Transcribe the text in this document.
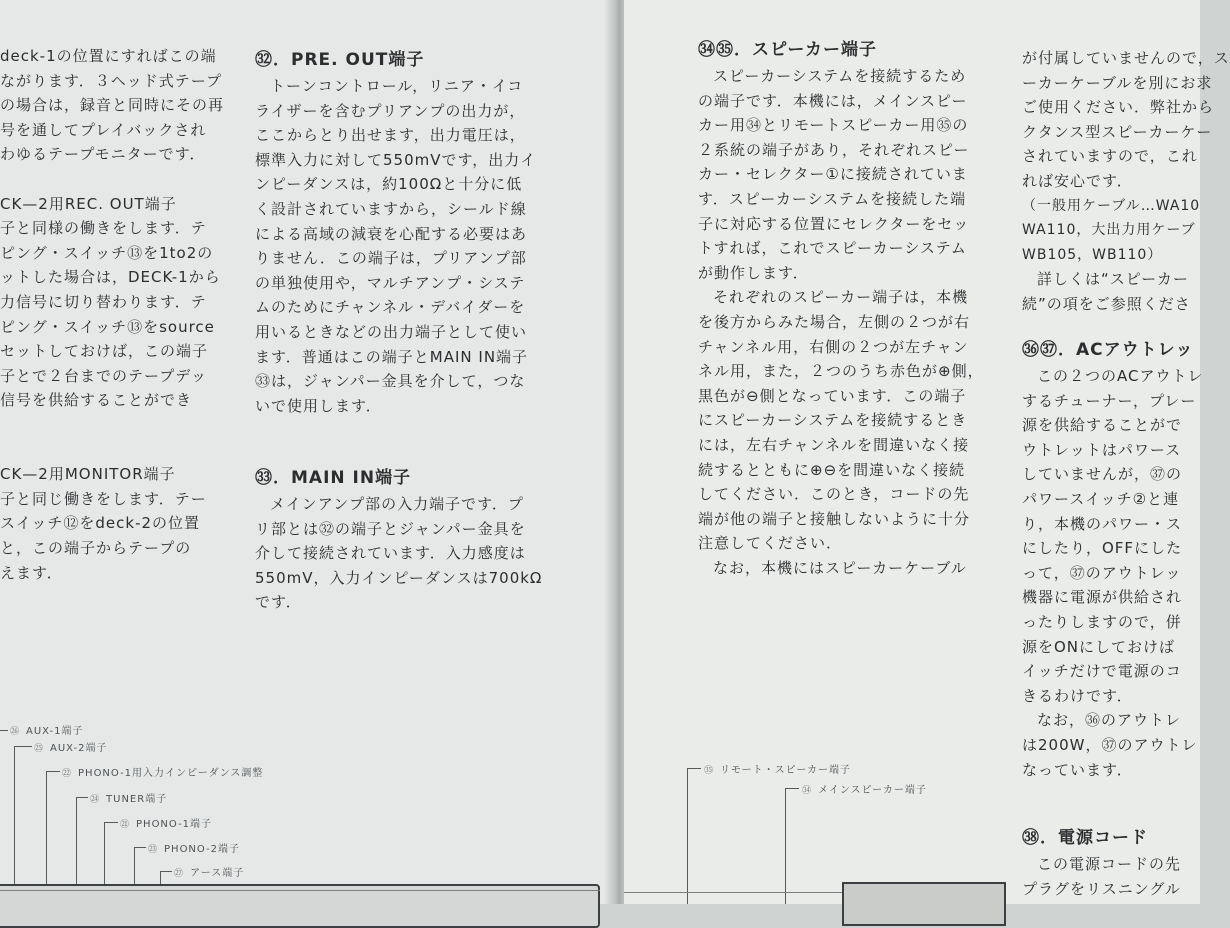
deck-1の位置にすればこの端
ながります．３ヘッド式テープ
の場合は，録音と同時にその再
号を通してプレイバックされ
わゆるテープモニターです．
CK—2用REC. OUT端子
子と同様の働きをします．テ
ピング・スイッチ⑬を1to2の
ットした場合は，DECK-1から
力信号に切り替わります．テ
ピング・スイッチ⑬をsource
セットしておけば，この端子
子とで２台までのテープデッ
信号を供給することができ
CK—2用MONITOR端子
子と同じ働きをします．テー
スイッチ⑫をdeck-2の位置
と，この端子からテープの
えます．
㉜．PRE. OUT端子
トーンコントロール，リニア・イコ
ライザーを含むプリアンプの出力が，
ここからとり出せます，出力電圧は，
標準入力に対して550mVです，出力イ
ンピーダンスは，約100Ωと十分に低
く設計されていますから，シールド線
による高域の減衰を心配する必要はあ
りません．この端子は，プリアンプ部
の単独使用や，マルチアンプ・システ
ムのためにチャンネル・デバイダーを
用いるときなどの出力端子として使い
ます．普通はこの端子とMAIN IN端子
㉝は，ジャンパー金具を介して，つな
いで使用します．
㉝．MAIN IN端子
メインアンプ部の入力端子です．プ
リ部とは㉜の端子とジャンパー金具を
介して接続されています．入力感度は
550mV，入力インピーダンスは700kΩ
です．
㉖ AUX-1端子
㉕ AUX-2端子
㉒ PHONO-1用入力インピーダンス調整
㉔ TUNER端子
㉑ PHONO-1端子
㉓ PHONO-2端子
㉗ アース端子
㉞㉟．スピーカー端子
スピーカーシステムを接続するため
の端子です．本機には，メインスピー
カー用㉞とリモートスピーカー用㉟の
２系統の端子があり，それぞれスピー
カー・セレクター①に接続されていま
す．スピーカーシステムを接続した端
子に対応する位置にセレクターをセッ
トすれば，これでスピーカーシステム
が動作します．
それぞれのスピーカー端子は，本機
を後方からみた場合，左側の２つが右
チャンネル用，右側の２つが左チャン
ネル用，また，２つのうち赤色が⊕側，
黒色が⊖側となっています．この端子
にスピーカーシステムを接続するとき
には，左右チャンネルを間違いなく接
続するとともに⊕⊖を間違いなく接続
してください．このとき，コードの先
端が他の端子と接触しないように十分
注意してください．
なお，本機にはスピーカーケーブル
が付属していませんので，ス
ーカーケーブルを別にお求
ご使用ください．弊社から
クタンス型スピーカーケー
されていますので，これ
れば安心です．
（一般用ケーブル…WA10
WA110，大出力用ケーブ
WB105，WB110）
詳しくは“スピーカー
続”の項をご参照くださ
㊱㊲．ACアウトレッ
この２つのACアウトレ
するチューナー，プレー
源を供給することがで
ウトレットはパワース
していませんが，㊲の
パワースイッチ②と連
り，本機のパワー・ス
にしたり，OFFにした
って，㊲のアウトレッ
機器に電源が供給され
ったりしますので，併
源をONにしておけば
イッチだけで電源のコ
きるわけです．
なお，㊱のアウトレ
は200W，㊲のアウトレ
なっています．
㊳．電源コード
この電源コードの先
プラグをリスニングル
㉟ リモート・スピーカー端子
㉞ メインスピーカー端子
